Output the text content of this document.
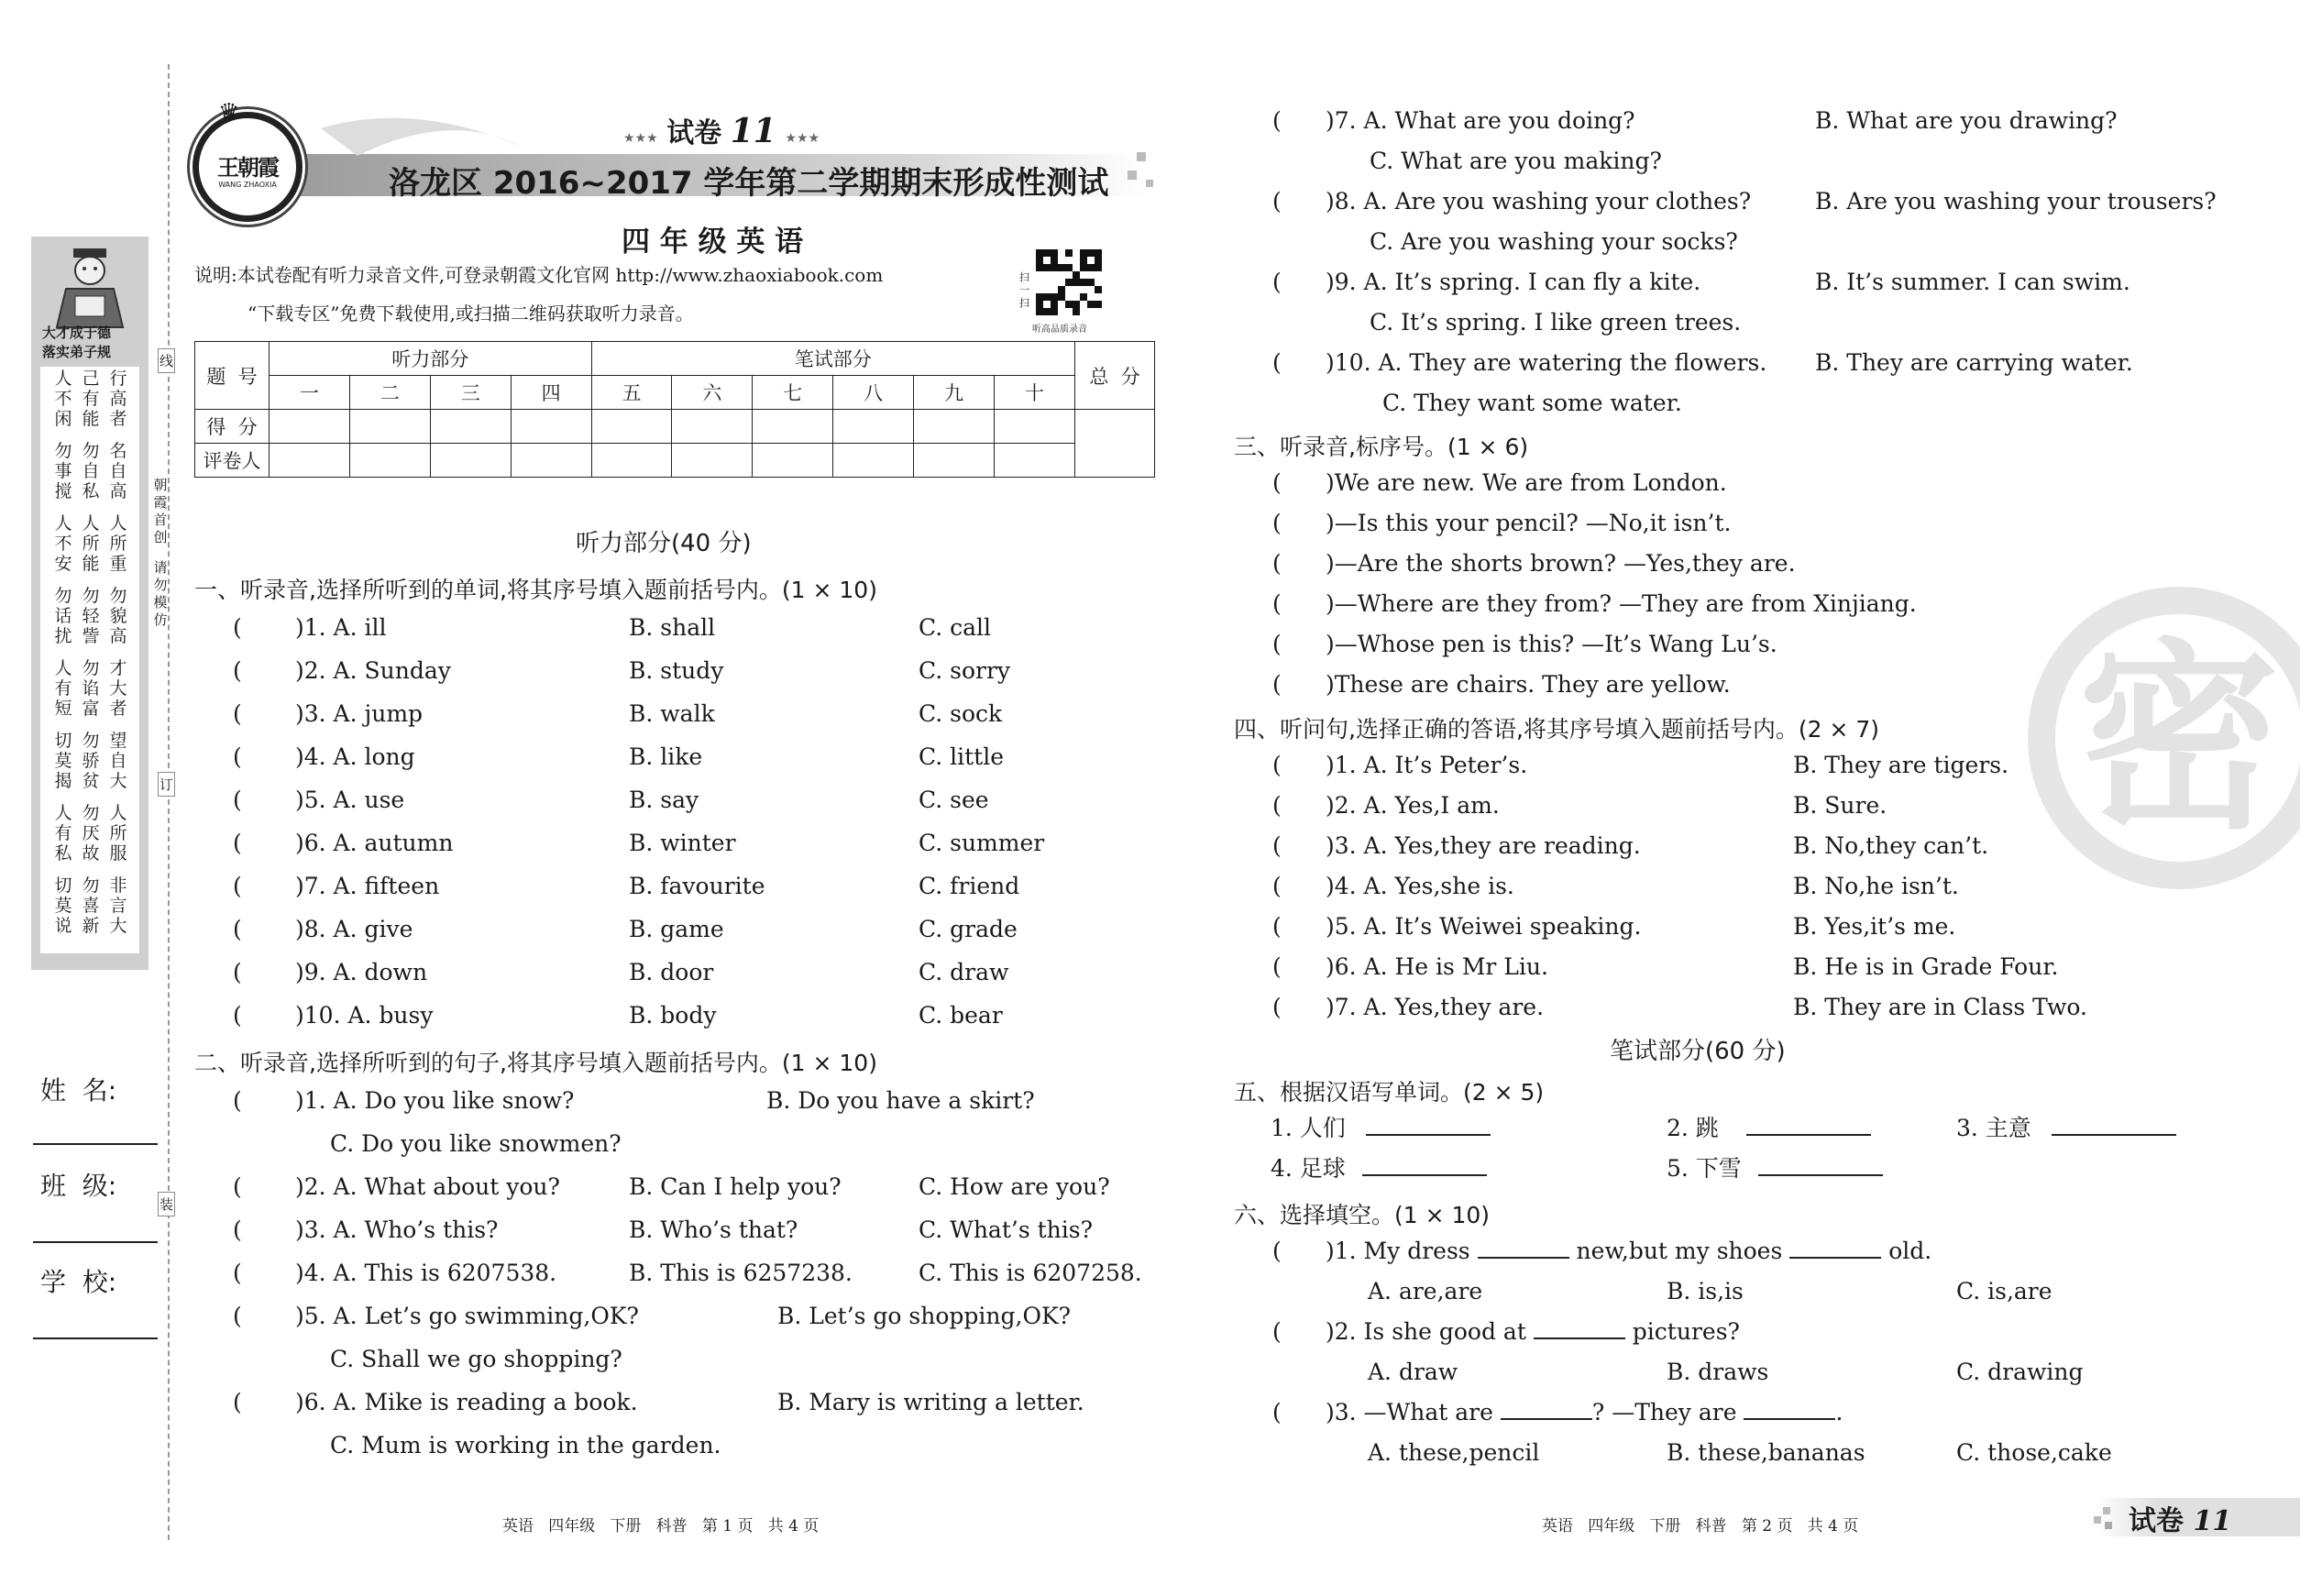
大才成于德
落实弟子规
人
不
闲
己
有
能
行
高
者
勿
事
搅
勿
自
私
名
自
高
人
不
安
人
所
能
人
所
重
勿
话
扰
勿
轻
訾
勿
貌
高
人
有
短
勿
谄
富
才
大
者
切
莫
揭
勿
骄
贫
望
自
大
人
有
私
勿
厌
故
人
所
服
切
莫
说
勿
喜
新
非
言
大
朝
霞
首
创
请
勿
模
仿
线
订
装
姓  名:
班  级:
学  校:
王朝霞
WANG ZHAOXIA
♛
★★★ 试卷 11 ★★★
洛龙区 2016~2017 学年第二学期期末形成性测试
四 年 级 英 语
说明:本试卷配有听力录音文件,可登录朝霞文化官网 http://www.zhaoxiabook.com
“下载专区”免费下载使用,或扫描二维码获取听力录音。
扫一扫
听高品质录音
题  号	听力部分				笔试部分						总  分
	一	二	三	四	五	六	七	八	九	十	
得  分											
评卷人											
听力部分(40 分)
一、听录音,选择所听到的单词,将其序号填入题前括号内。(1 × 10)
( )1. A. ill	B. shall	C. call
( )2. A. Sunday	B. study	C. sorry
( )3. A. jump	B. walk	C. sock
( )4. A. long	B. like	C. little
( )5. A. use	B. say	C. see
( )6. A. autumn	B. winter	C. summer
( )7. A. fifteen	B. favourite	C. friend
( )8. A. give	B. game	C. grade
( )9. A. down	B. door	C. draw
( )10. A. busy	B. body	C. bear
二、听录音,选择所听到的句子,将其序号填入题前括号内。(1 × 10)
( )1. A. Do you like snow?	B. Do you have a skirt?
C. Do you like snowmen?
( )2. A. What about you?	B. Can I help you?	C. How are you?
( )3. A. Who’s this?	B. Who’s that?	C. What’s this?
( )4. A. This is 6207538.	B. This is 6257238.	C. This is 6207258.
( )5. A. Let’s go swimming,OK?	B. Let’s go shopping,OK?
C. Shall we go shopping?
( )6. A. Mike is reading a book.	B. Mary is writing a letter.
C. Mum is working in the garden.
英语   四年级   下册   科普   第 1 页   共 4 页
密
( )7. A. What are you doing?	B. What are you drawing?
C. What are you making?
( )8. A. Are you washing your clothes?	B. Are you washing your trousers?
C. Are you washing your socks?
( )9. A. It’s spring. I can fly a kite.	B. It’s summer. I can swim.
C. It’s spring. I like green trees.
( )10. A. They are watering the flowers. B. They are carrying water.
C. They want some water.
三、听录音,标序号。(1 × 6)
( )We are new. We are from London.
( )—Is this your pencil? —No,it isn’t.
( )—Are the shorts brown? —Yes,they are.
( )—Where are they from? —They are from Xinjiang.
( )—Whose pen is this? —It’s Wang Lu’s.
( )These are chairs. They are yellow.
四、听问句,选择正确的答语,将其序号填入题前括号内。(2 × 7)
( )1. A. It’s Peter’s.	B. They are tigers.
( )2. A. Yes,I am.	B. Sure.
( )3. A. Yes,they are reading.	B. No,they can’t.
( )4. A. Yes,she is.	B. No,he isn’t.
( )5. A. It’s Weiwei speaking.	B. Yes,it’s me.
( )6. A. He is Mr Liu.	B. He is in Grade Four.
( )7. A. Yes,they are.	B. They are in Class Two.
笔试部分(60 分)
五、根据汉语写单词。(2 × 5)
1. 人们	2. 跳	3. 主意
4. 足球	5. 下雪
六、选择填空。(1 × 10)
( )1. My dress	new,but my shoes	old.
A. are,are	B. is,is	C. is,are
( )2. Is she good at	pictures?
A. draw	B. draws	C. drawing
( )3. —What are	? —They are	.
A. these,pencil	B. these,bananas	C. those,cake
英语   四年级   下册   科普   第 2 页   共 4 页	试卷 11
